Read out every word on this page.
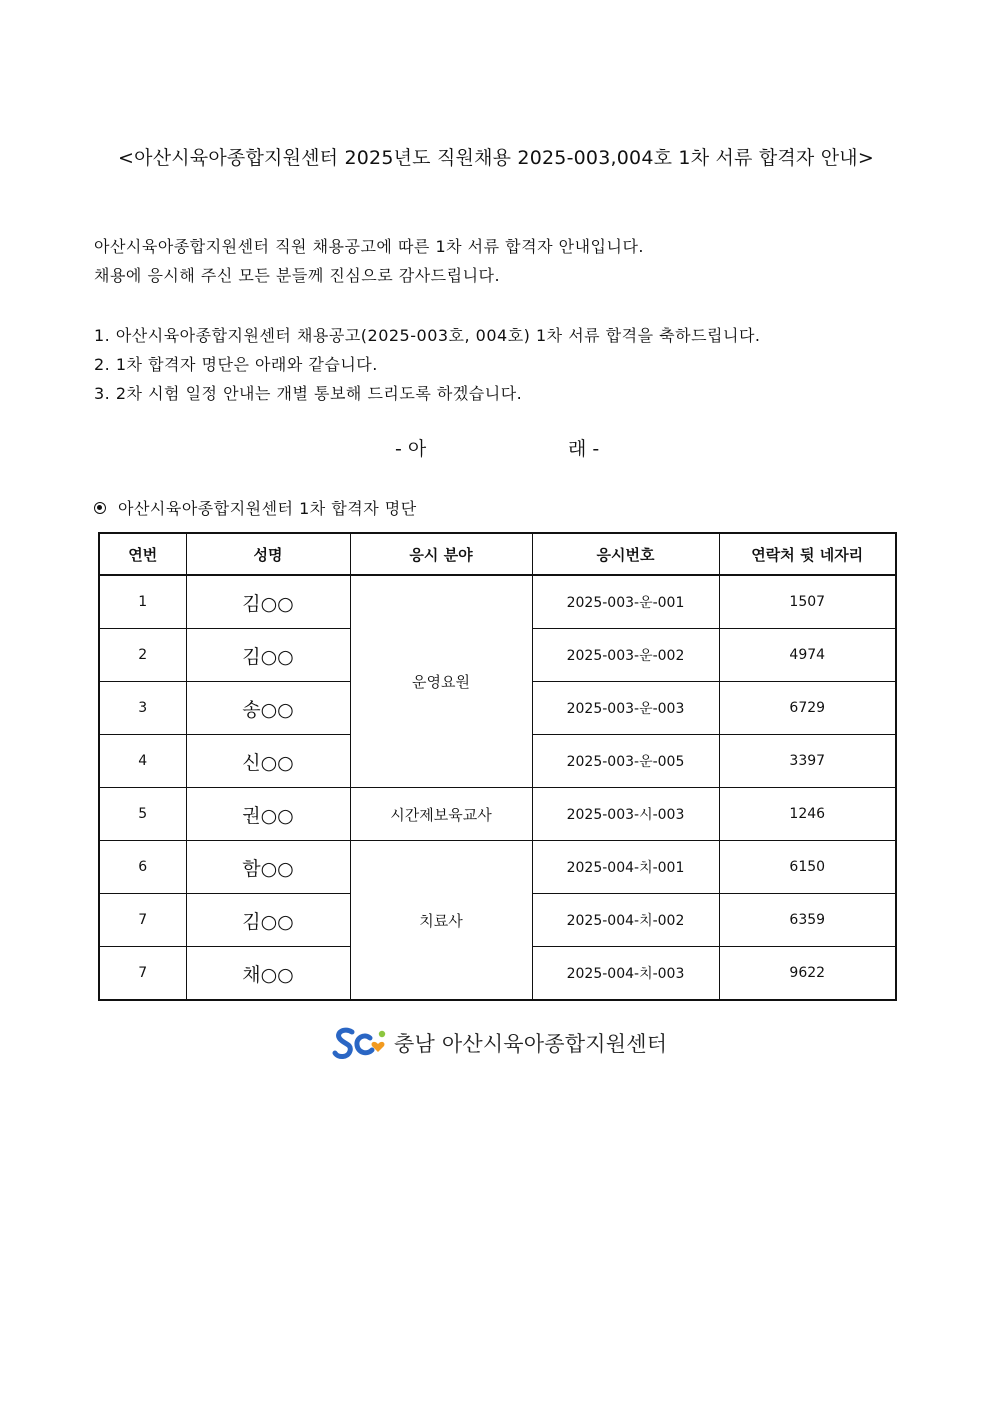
<아산시육아종합지원센터 2025년도 직원채용 2025-003,004호 1차 서류 합격자 안내>
아산시육아종합지원센터 직원 채용공고에 따른 1차 서류 합격자 안내입니다.
채용에 응시해 주신 모든 분들께 진심으로 감사드립니다.
1. 아산시육아종합지원센터 채용공고(2025-003호, 004호) 1차 서류 합격을 축하드립니다.
2. 1차 합격자 명단은 아래와 같습니다.
3. 2차 시험 일정 안내는 개별 통보해 드리도록 하겠습니다.
- 아	래 -
아산시육아종합지원센터 1차 합격자 명단
연번	성명	응시 분야	응시번호	연락처 뒷 네자리
1	김○○	운영요원	2025-003-운-001	1507
2	김○○		2025-003-운-002	4974
3	송○○		2025-003-운-003	6729
4	신○○		2025-003-운-005	3397
5	권○○	시간제보육교사	2025-003-시-003	1246
6	함○○	치료사	2025-004-치-001	6150
7	김○○		2025-004-치-002	6359
7	채○○		2025-004-치-003	9622
충남 아산시육아종합지원센터
